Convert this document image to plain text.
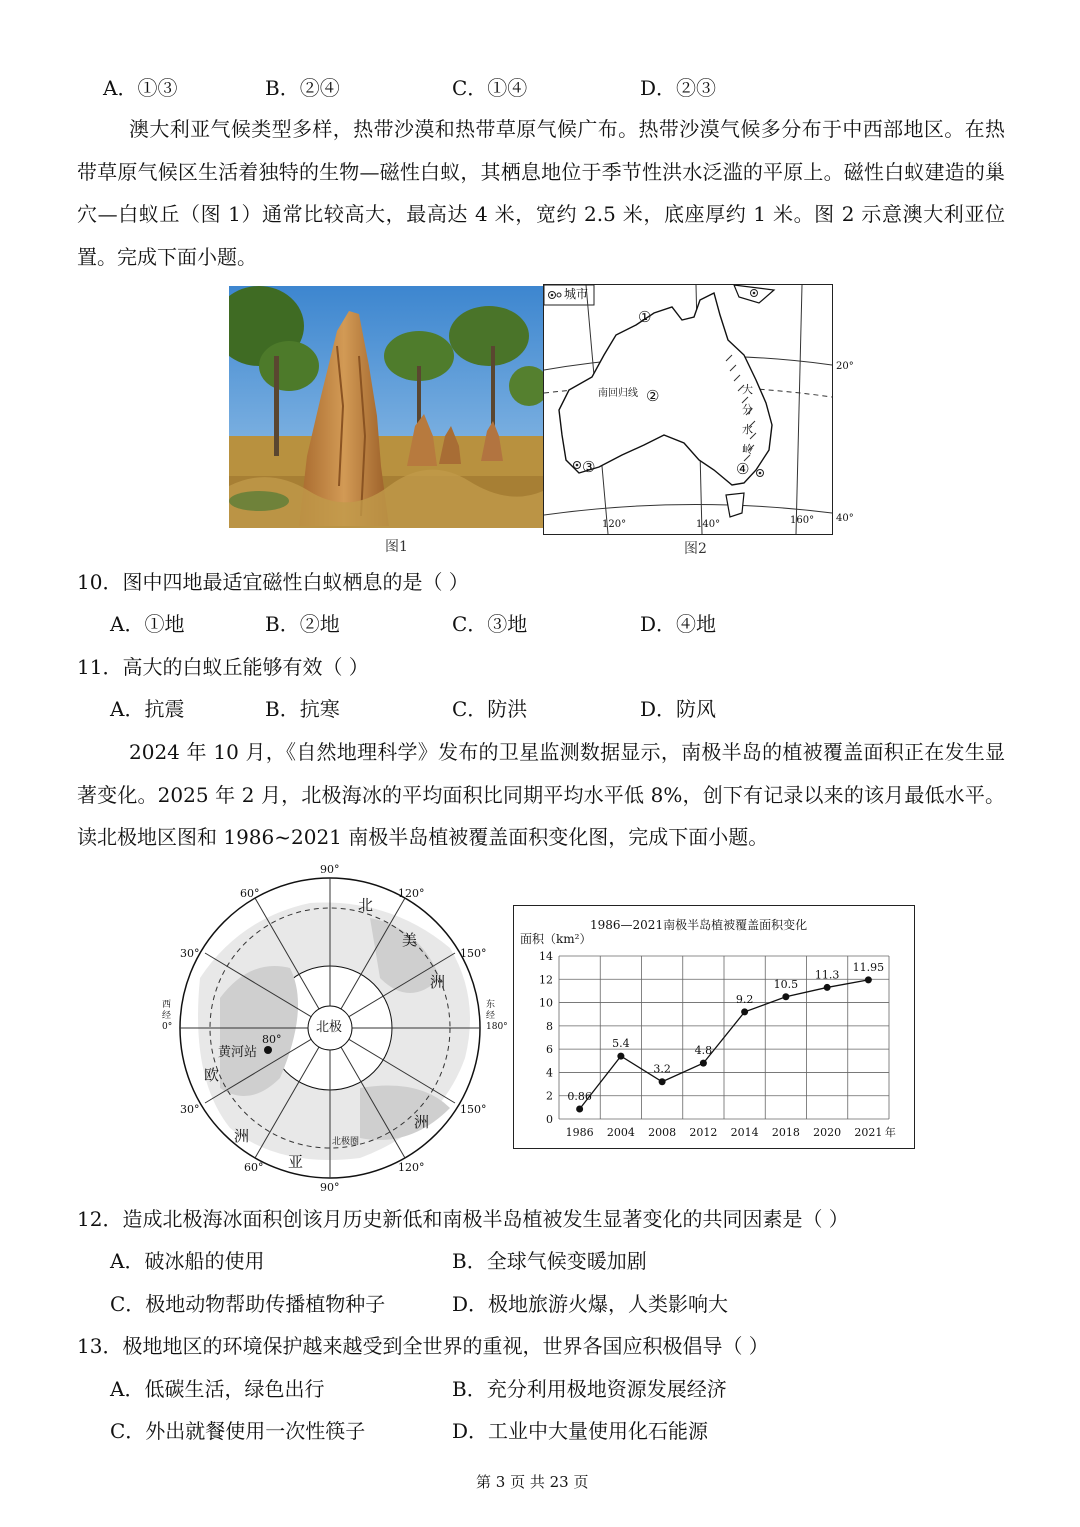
A．①③	B．②④	C．①④	D．②③
澳大利亚气候类型多样，热带沙漠和热带草原气候广布。热带沙漠气候多分布于中西部地区。在热带草原气候区生活着独特的生物—磁性白蚁，其栖息地位于季节性洪水泛滥的平原上。磁性白蚁建造的巢穴—白蚁丘（图 1）通常比较高大，最高达 4 米，宽约 2.5 米，底座厚约 1 米。图 2 示意澳大利亚位置。完成下面小题。
图1
城市
①
南回归线 ②
③	④
大 分 水 岭
20°
40°
120°	140°	160°
图2
10．图中四地最适宜磁性白蚁栖息的是（ ）
A．①地	B．②地	C．③地	D．④地
11．高大的白蚁丘能够有效（ ）
A．抗震	B．抗寒	C．防洪	D．防风
2024 年 10 月，《自然地理科学》发布的卫星监测数据显示，南极半岛的植被覆盖面积正在发生显著变化。2025 年 2 月，北极海冰的平均面积比同期平均水平低 8%，创下有记录以来的该月最低水平。读北极地区图和 1986~2021 南极半岛植被覆盖面积变化图，完成下面小题。
北极
黄河站
80°
北极圈
90°
90°
60°
30°
30°
60°
120°
150°
150°
120°
西经0°
东经180°
北
美
洲
欧
洲
亚
洲
1986—2021南极半岛植被覆盖面积变化
面积（km²）
0
2
4
6
8
10
12
14
1986 2004 2008 2012 2014 2018 2020 2021 年
0.86
5.4
3.2
4.8
9.2
10.5
11.3
11.95
12．造成北极海冰面积创该月历史新低和南极半岛植被发生显著变化的共同因素是（ ）
A．破冰船的使用	B．全球气候变暖加剧
C．极地动物帮助传播植物种子	D．极地旅游火爆，人类影响大
13．极地地区的环境保护越来越受到全世界的重视，世界各国应积极倡导（ ）
A．低碳生活，绿色出行	B．充分利用极地资源发展经济
C．外出就餐使用一次性筷子	D．工业中大量使用化石能源
第 3 页 共 23 页
